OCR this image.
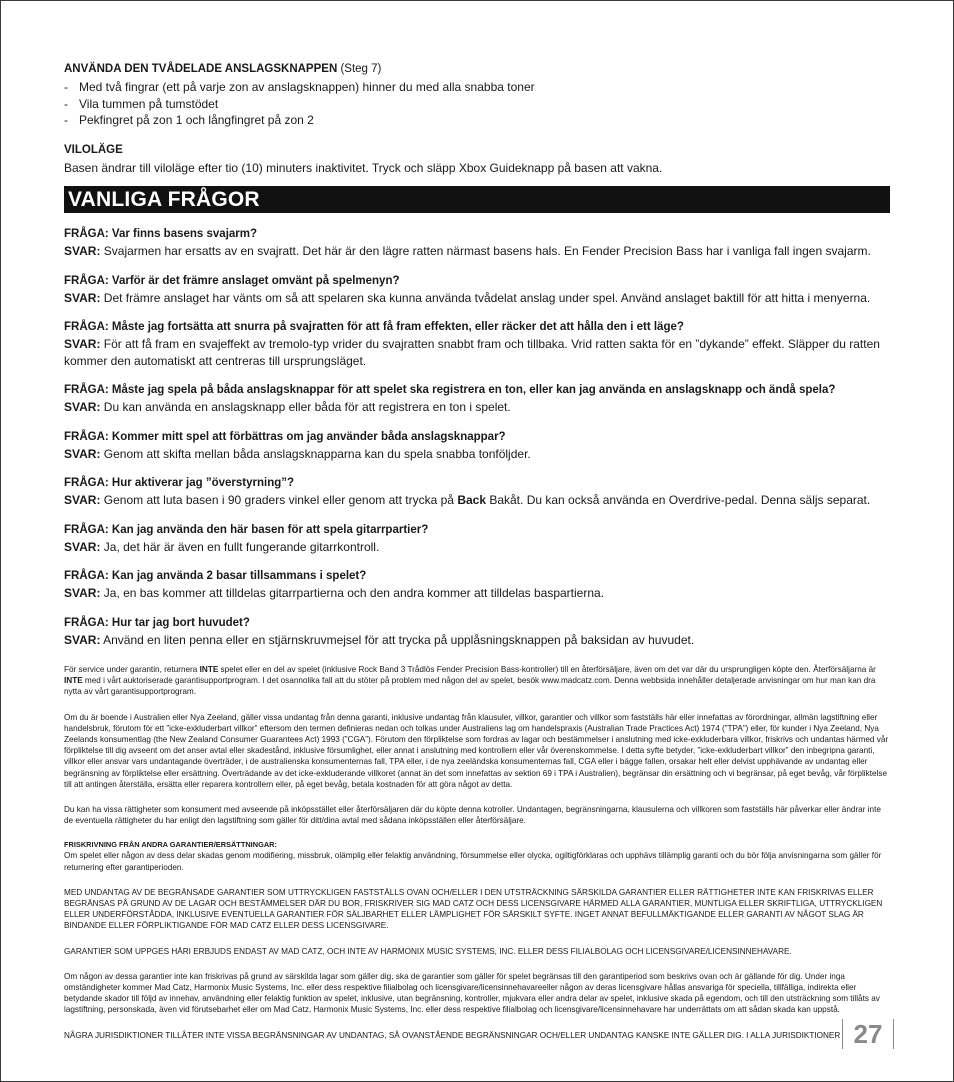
ANVÄNDA DEN TVÅDELADE ANSLAGSKNAPPEN (Steg 7)

- Med två fingrar (ett på varje zon av anslagsknappen) hinner du med alla snabba toner
- Vila tummen på tumstödet
- Pekfingret på zon 1 och långfingret på zon 2
VILOLÄGE

Basen ändrar till viloläge efter tio (10) minuters inaktivitet. Tryck och släpp Xbox Guideknapp på basen att vakna.

VANLIGA FRÅGOR
FRÅGA: Var finns basens svajarm?
SVAR: Svajarmen har ersatts av en svajratt. Det här är den lägre ratten närmast basens hals. En Fender Precision Bass har i vanliga fall ingen svajarm.
FRÅGA: Varför är det främre anslaget omvänt på spelmenyn?
SVAR: Det främre anslaget har vänts om så att spelaren ska kunna använda tvådelat anslag under spel. Använd anslaget baktill för att hitta i menyerna.
FRÅGA: Måste jag fortsätta att snurra på svajratten för att få fram effekten, eller räcker det att hålla den i ett läge?
SVAR: För att få fram en svajeffekt av tremolo-typ vrider du svajratten snabbt fram och tillbaka. Vrid ratten sakta för en ”dykande” effekt. Släpper du ratten kommer den automatiskt att centreras till ursprungsläget.
FRÅGA: Måste jag spela på båda anslagsknappar för att spelet ska registrera en ton, eller kan jag använda en anslagsknapp och ändå spela?
SVAR: Du kan använda en anslagsknapp eller båda för att registrera en ton i spelet.
FRÅGA: Kommer mitt spel att förbättras om jag använder båda anslagsknappar?
SVAR: Genom att skifta mellan båda anslagsknapparna kan du spela snabba tonföljder.
FRÅGA: Hur aktiverar jag ”överstyrning”?
SVAR: Genom att luta basen i 90 graders vinkel eller genom att trycka på Back Bakåt. Du kan också använda en Overdrive-pedal. Denna säljs separat.
FRÅGA: Kan jag använda den här basen för att spela gitarrpartier?
SVAR: Ja, det här är även en fullt fungerande gitarrkontroll.
FRÅGA: Kan jag använda 2 basar tillsammans i spelet?
SVAR: Ja, en bas kommer att tilldelas gitarrpartierna och den andra kommer att tilldelas baspartierna.
FRÅGA: Hur tar jag bort huvudet?
SVAR: Använd en liten penna eller en stjärnskruvmejsel för att trycka på upplåsningsknappen på baksidan av huvudet.

För service under garantin, returnera INTE spelet eller en del av spelet (inklusive Rock Band 3 Trådlös Fender Precision Bass-kontroller) till en återförsäljare, även om det var där du ursprungligen köpte den. Återförsäljarna är INTE med i vårt auktoriserade garantisupportprogram. I det osannolika fall att du stöter på problem med någon del av spelet, besök www.madcatz.com. Denna webbsida innehåller detaljerade anvisningar om hur man kan dra nytta av vårt garantisupportprogram.

Om du är boende i Australien eller Nya Zeeland, gäller vissa undantag från denna garanti, inklusive undantag från klausuler, villkor, garantier och villkor som fastställs här eller innefattas av förordningar, allmän lagstiftning eller handelsbruk, förutom för ett ”icke-exkluderbart villkor” eftersom den termen definieras nedan och tolkas under Australiens lag om handelspraxis (Australian Trade Practices Act) 1974 (”TPA”) eller, för kunder i Nya Zeeland, Nya Zeelands konsumentlag (the New Zealand Consumer Guarantees Act) 1993 (”CGA”). Förutom den förpliktelse som fordras av lagar och bestämmelser i anslutning med icke-exkluderbara villkor, friskrivs och undantas härmed vår förpliktelse till dig avseent om det anser avtal eller skadestånd, inklusive försumlighet, eller annat i anslutning med kontrollern eller vår överenskommelse. I detta syfte betyder, ”icke-exkluderbart villkor” den inbegripna garanti, villkor eller ansvar vars undantagande överträder, i de australienska konsumenternas fall, TPA eller, i de nya zeeländska konsumenternas fall, CGA eller i bägge fallen, orsakar helt eller delvist upphävande av undantag eller begränsning av förpliktelse eller ersättning. Överträdande av det icke-exkluderande villkoret (annat än det som innefattas av sektion 69 i TPA i Australien), begränsar din ersättning och vi begränsar, på eget bevåg, vår förpliktelse till att antingen återställa, ersätta eller reparera kontrollern eller, på eget bevåg, betala kostnaden för att göra något av detta.

Du kan ha vissa rättigheter som konsument med avseende på inköpsstället eller återförsäljaren där du köpte denna kotroller. Undantagen, begränsningarna, klausulerna och villkoren som fastställs här påverkar eller ändrar inte de eventuella rättigheter du har enligt den lagstiftning som gäller för ditt/dina avtal med sådana inköpsställen eller återförsäljare.

FRISKRIVNING FRÅN ANDRA GARANTIER/ERSÄTTNINGAR:

Om spelet eller någon av dess delar skadas genom modifiering, missbruk, olämplig eller felaktig användning, försummelse eller olycka, ogiltigförklaras och upphävs tillämplig garanti och du bör följa anvisningarna som gäller för returnering efter garantiperioden.

MED UNDANTAG AV DE BEGRÄNSADE GARANTIER SOM UTTRYCKLIGEN FASTSTÄLLS OVAN OCH/ELLER I DEN UTSTRÄCKNING SÄRSKILDA GARANTIER ELLER RÄTTIGHETER INTE KAN FRISKRIVAS ELLER BEGRÄNSAS PÅ GRUND AV DE LAGAR OCH BESTÄMMELSER DÄR DU BOR, FRISKRIVER SIG MAD CATZ OCH DESS LICENSGIVARE HÄRMED ALLA GARANTIER, MUNTLIGA ELLER SKRIFTLIGA, UTTRYCKLIGEN ELLER UNDERFÖRSTÅDDA, INKLUSIVE EVENTUELLA GARANTIER FÖR SÄLJBARHET ELLER LÄMPLIGHET FÖR SÄRSKILT SYFTE. INGET ANNAT BEFULLMÄKTIGANDE ELLER GARANTI AV NÅGOT SLAG ÄR BINDANDE ELLER FÖRPLIKTIGANDE FÖR MAD CATZ ELLER DESS LICENSGIVARE.

GARANTIER SOM UPPGES HÄRI ERBJUDS ENDAST AV MAD CATZ, OCH INTE AV HARMONIX MUSIC SYSTEMS, INC. ELLER DESS FILIALBOLAG OCH LICENSGIVARE/LICENSINNEHAVARE.

Om någon av dessa garantier inte kan friskrivas på grund av särskilda lagar som gäller dig, ska de garantier som gäller för spelet begränsas till den garantiperiod som beskrivs ovan och är gällande för dig. Under inga omständigheter kommer Mad Catz, Harmonix Music Systems, Inc. eller dess respektive filialbolag och licensgivare/licensinnehavareeller någon av deras licensgivare hållas ansvariga för speciella, tillfälliga, indirekta eller betydande skador till följd av innehav, användning eller felaktig funktion av spelet, inklusive, utan begränsning, kontroller, mjukvara eller andra delar av spelet, inklusive skada på egendom, och till den utsträckning som tillåts av lagstiftning, personskada, även vid förutsebarhet eller om Mad Catz, Harmonix Music Systems, Inc. eller dess respektive filialbolag och licensgivare/licensinnehavare har underrättats om att sådan skada kan uppstå.

NÅGRA JURISDIKTIONER TILLÅTER INTE VISSA BEGRÄNSNINGAR AV UNDANTAG, SÅ OVANSTÅENDE BEGRÄNSNINGAR OCH/ELLER UNDANTAG KANSKE INTE GÄLLER DIG. I ALLA JURISDIKTIONER 27
